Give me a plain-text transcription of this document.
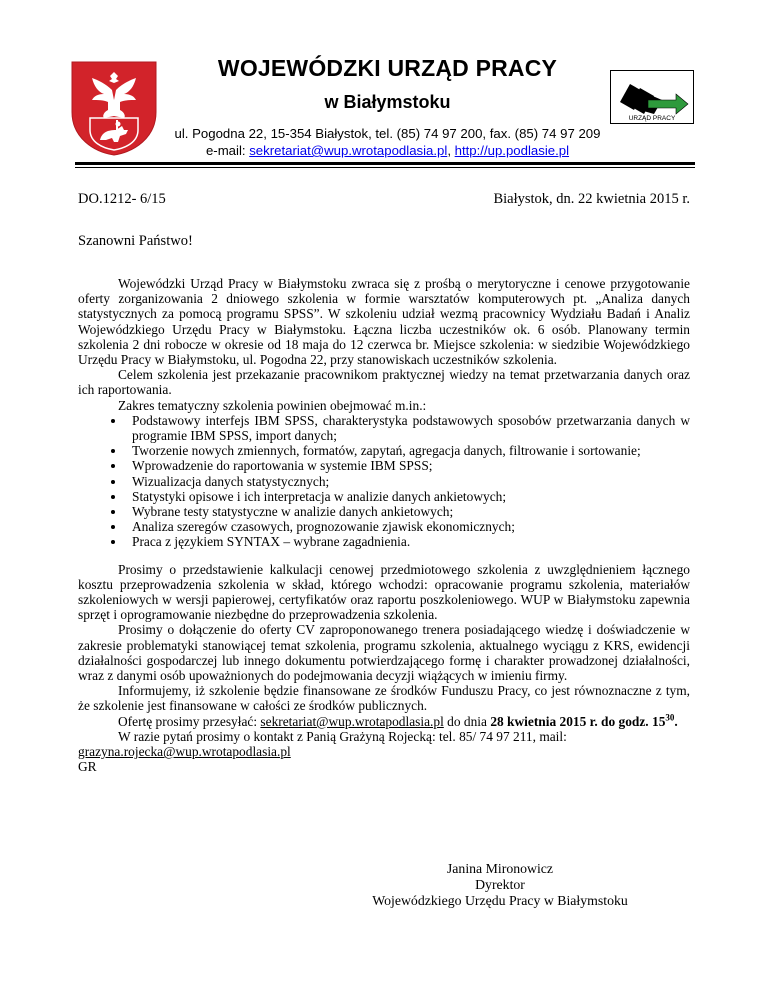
WOJEWÓDZKI URZĄD PRACY
w Białymstoku
ul. Pogodna 22, 15-354 Białystok, tel. (85) 74 97 200, fax. (85) 74 97 209
e-mail: sekretariat@wup.wrotapodlasia.pl, http://up.podlasie.pl
URZĄD PRACY
DO.1212- 6/15	Białystok, dn. 22 kwietnia 2015 r.
Szanowni Państwo!

Wojewódzki Urząd Pracy w Białymstoku zwraca się z prośbą o merytoryczne i cenowe przygotowanie oferty zorganizowania 2 dniowego szkolenia w formie warsztatów komputerowych pt. „Analiza danych statystycznych za pomocą programu SPSS”. W szkoleniu udział wezmą pracownicy Wydziału Badań i Analiz Wojewódzkiego Urzędu Pracy w Białymstoku. Łączna liczba uczestników ok. 6 osób. Planowany termin szkolenia 2 dni robocze w okresie od 18 maja do 12 czerwca br. Miejsce szkolenia: w siedzibie Wojewódzkiego Urzędu Pracy w Białymstoku, ul. Pogodna 22, przy stanowiskach uczestników szkolenia.

Celem szkolenia jest przekazanie pracownikom praktycznej wiedzy na temat przetwarzania danych oraz ich raportowania.

Zakres tematyczny szkolenia powinien obejmować m.in.:

• Podstawowy interfejs IBM SPSS, charakterystyka podstawowych sposobów przetwarzania danych w programie IBM SPSS, import danych;
• Tworzenie nowych zmiennych, formatów, zapytań, agregacja danych, filtrowanie i sortowanie;
• Wprowadzenie do raportowania w systemie IBM SPSS;
• Wizualizacja danych statystycznych;
• Statystyki opisowe i ich interpretacja w analizie danych ankietowych;
• Wybrane testy statystyczne w analizie danych ankietowych;
• Analiza szeregów czasowych, prognozowanie zjawisk ekonomicznych;
• Praca z językiem SYNTAX – wybrane zagadnienia.

Prosimy o przedstawienie kalkulacji cenowej przedmiotowego szkolenia z uwzględnieniem łącznego kosztu przeprowadzenia szkolenia w skład, którego wchodzi: opracowanie programu szkolenia, materiałów szkoleniowych w wersji papierowej, certyfikatów oraz raportu poszkoleniowego. WUP w Białymstoku zapewnia sprzęt i oprogramowanie niezbędne do przeprowadzenia szkolenia.

Prosimy o dołączenie do oferty CV zaproponowanego trenera posiadającego wiedzę i doświadczenie w zakresie problematyki stanowiącej temat szkolenia, programu szkolenia, aktualnego wyciągu z KRS, ewidencji działalności gospodarczej lub innego dokumentu potwierdzającego formę i charakter prowadzonej działalności, wraz z danymi osób upoważnionych do podejmowania decyzji wiążących w imieniu firmy.

Informujemy, iż szkolenie będzie finansowane ze środków Funduszu Pracy, co jest równoznaczne z tym, że szkolenie jest finansowane w całości ze środków publicznych.

Ofertę prosimy przesyłać: sekretariat@wup.wrotapodlasia.pl do dnia 28 kwietnia 2015 r. do godz. $15^{30}$.

W razie pytań prosimy o kontakt z Panią Grażyną Rojecką: tel. 85/ 74 97 211, mail:

grazyna.rojecka@wup.wrotapodlasia.pl

GR

Janina Mironowicz
Dyrektor
Wojewódzkiego Urzędu Pracy w Białymstoku
